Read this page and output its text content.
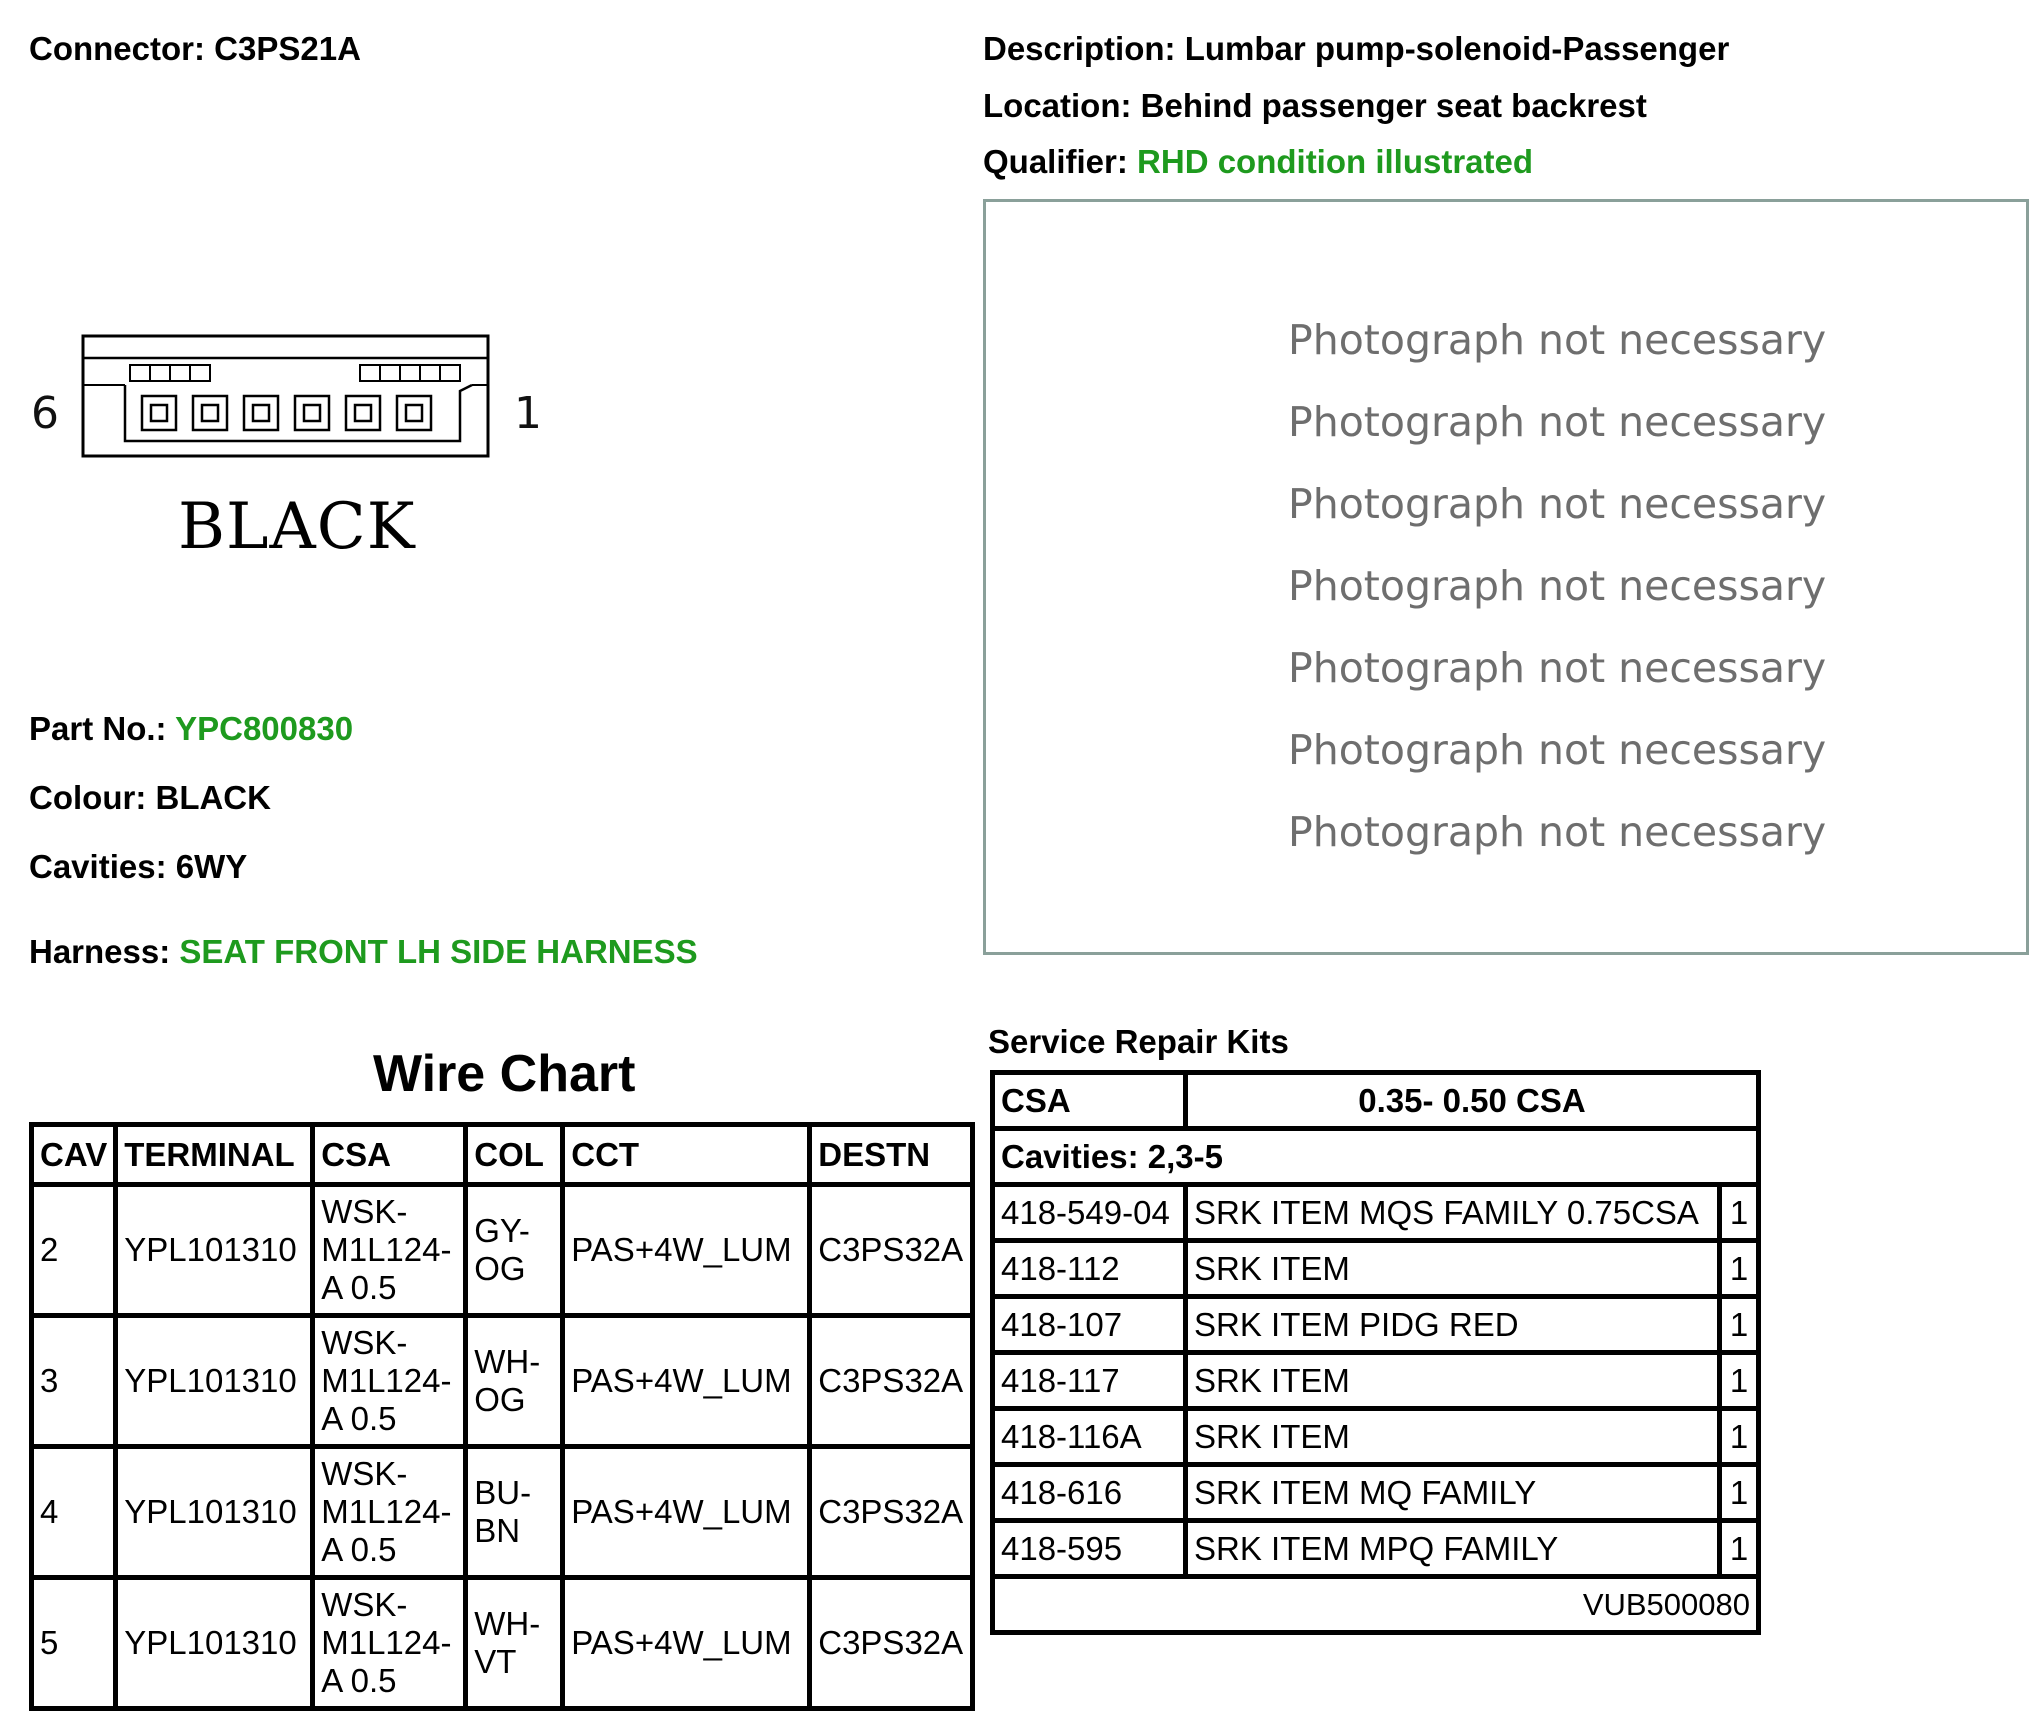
Connector: C3PS21A	Description: Lumbar pump-solenoid-Passenger
Location: Behind passenger seat backrest
Qualifier: RHD condition illustrated
6	1
BLACK
Part No.: YPC800830
Colour: BLACK
Cavities: 6WY
Harness: SEAT FRONT LH SIDE HARNESS
Photograph not necessary
Photograph not necessary
Photograph not necessary
Photograph not necessary
Photograph not necessary
Photograph not necessary
Photograph not necessary
Wire Chart
CAV	TERMINAL	CSA	COL	CCT	DESTN
2	YPL101310	WSK-
M1L124-
A 0.5	GY-
OG	PAS+4W_LUM	C3PS32A
3	YPL101310	WSK-
M1L124-
A 0.5	WH-
OG	PAS+4W_LUM	C3PS32A
4	YPL101310	WSK-
M1L124-
A 0.5	BU-
BN	PAS+4W_LUM	C3PS32A
5	YPL101310	WSK-
M1L124-
A 0.5	WH-
VT	PAS+4W_LUM	C3PS32A
Service Repair Kits
CSA	0.35- 0.50 CSA	
Cavities: 2,3-5		
418-549-04	SRK ITEM MQS FAMILY 0.75CSA	1
418-112	SRK ITEM	1
418-107	SRK ITEM PIDG RED	1
418-117	SRK ITEM	1
418-116A	SRK ITEM	1
418-616	SRK ITEM MQ FAMILY	1
418-595	SRK ITEM MPQ FAMILY	1
VUB500080		
